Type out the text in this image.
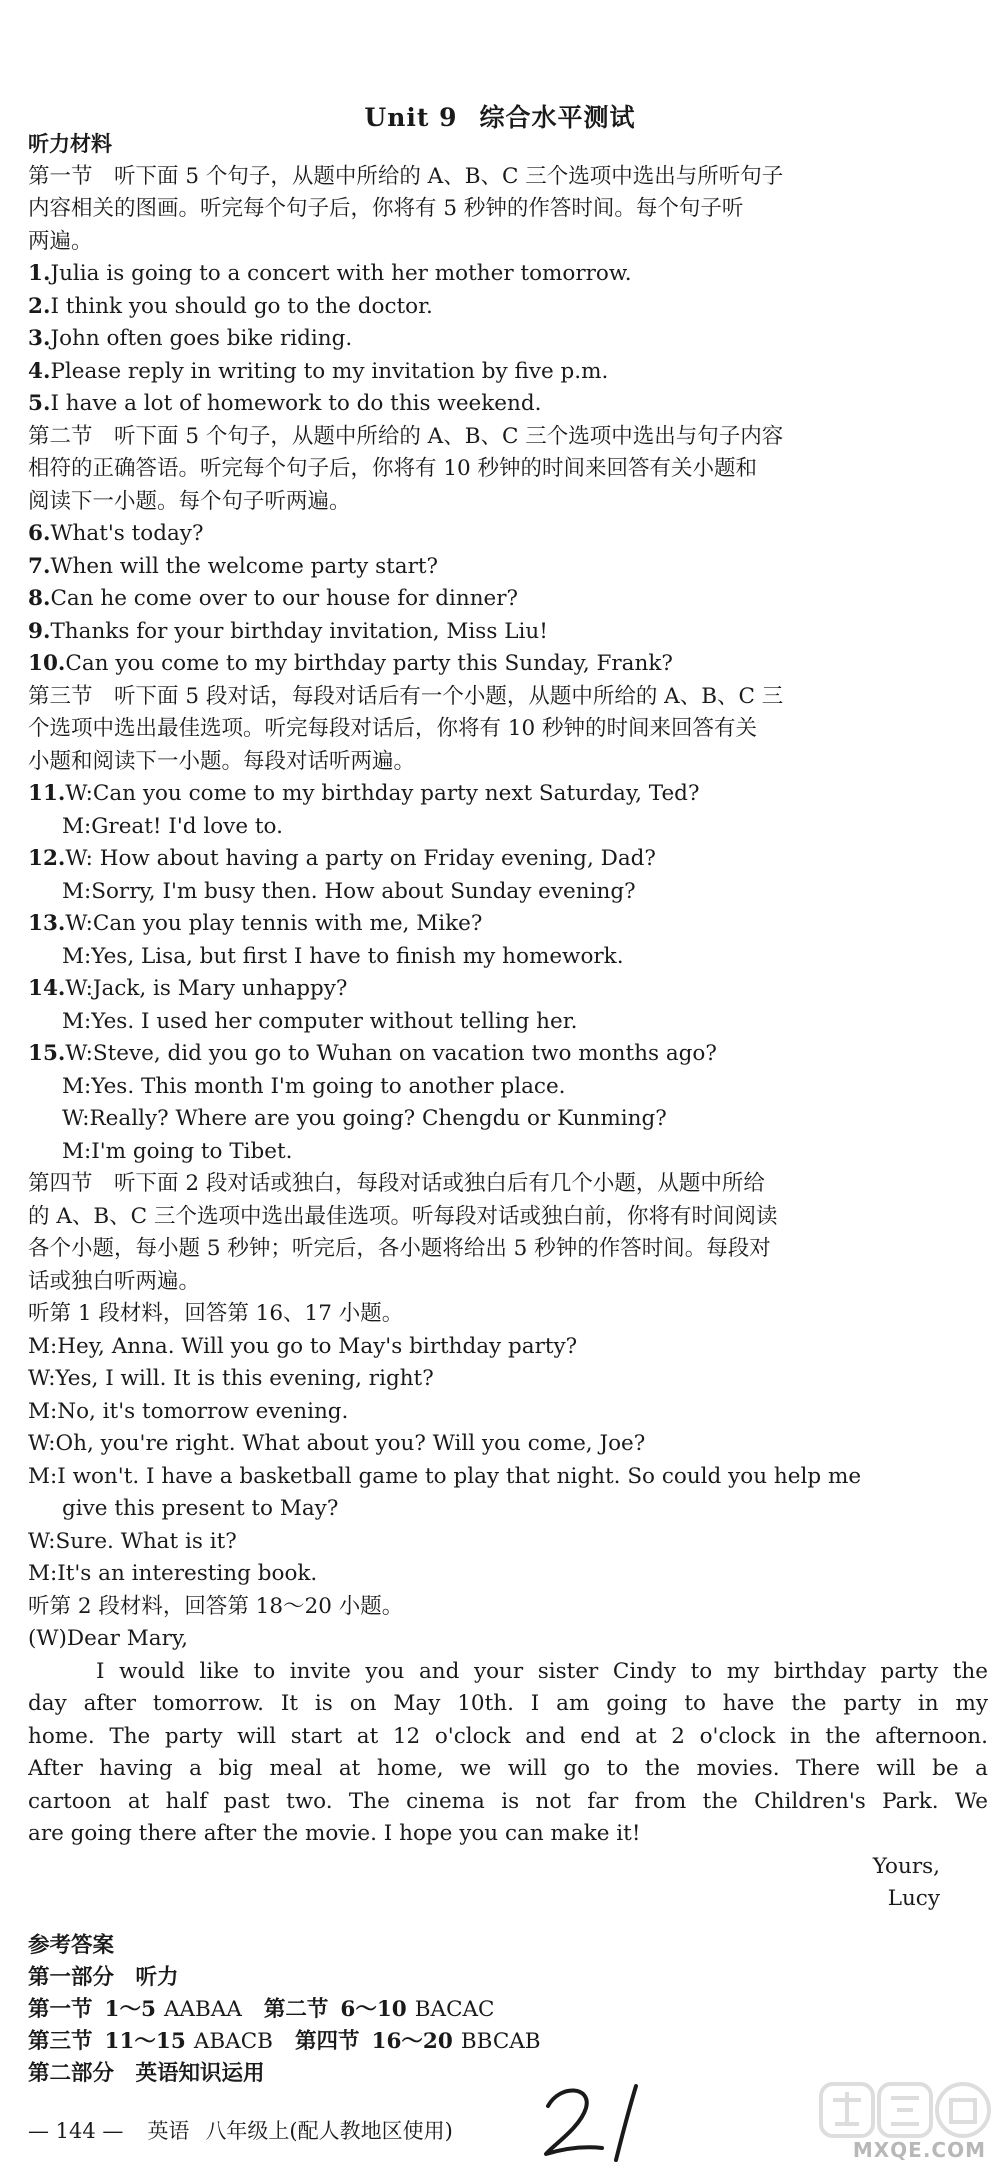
Unit 9 综合水平测试
听力材料
第一节　听下面 5 个句子，从题中所给的 A、B、C 三个选项中选出与所听句子
内容相关的图画。听完每个句子后，你将有 5 秒钟的作答时间。每个句子听
两遍。
1.Julia is going to a concert with her mother tomorrow.
2.I think you should go to the doctor.
3.John often goes bike riding.
4.Please reply in writing to my invitation by five p.m.
5.I have a lot of homework to do this weekend.
第二节　听下面 5 个句子，从题中所给的 A、B、C 三个选项中选出与句子内容
相符的正确答语。听完每个句子后，你将有 10 秒钟的时间来回答有关小题和
阅读下一小题。每个句子听两遍。
6.What's today?
7.When will the welcome party start?
8.Can he come over to our house for dinner?
9.Thanks for your birthday invitation, Miss Liu!
10.Can you come to my birthday party this Sunday, Frank?
第三节　听下面 5 段对话，每段对话后有一个小题，从题中所给的 A、B、C 三
个选项中选出最佳选项。听完每段对话后，你将有 10 秒钟的时间来回答有关
小题和阅读下一小题。每段对话听两遍。
11.W:Can you come to my birthday party next Saturday, Ted?
M:Great! I'd love to.
12.W: How about having a party on Friday evening, Dad?
M:Sorry, I'm busy then. How about Sunday evening?
13.W:Can you play tennis with me, Mike?
M:Yes, Lisa, but first I have to finish my homework.
14.W:Jack, is Mary unhappy?
M:Yes. I used her computer without telling her.
15.W:Steve, did you go to Wuhan on vacation two months ago?
M:Yes. This month I'm going to another place.
W:Really? Where are you going? Chengdu or Kunming?
M:I'm going to Tibet.
第四节　听下面 2 段对话或独白，每段对话或独白后有几个小题，从题中所给
的 A、B、C 三个选项中选出最佳选项。听每段对话或独白前，你将有时间阅读
各个小题，每小题 5 秒钟；听完后，各小题将给出 5 秒钟的作答时间。每段对
话或独白听两遍。
听第 1 段材料，回答第 16、17 小题。
M:Hey, Anna. Will you go to May's birthday party?
W:Yes, I will. It is this evening, right?
M:No, it's tomorrow evening.
W:Oh, you're right. What about you? Will you come, Joe?
M:I won't. I have a basketball game to play that night. So could you help me
give this present to May?
W:Sure. What is it?
M:It's an interesting book.
听第 2 段材料，回答第 18～20 小题。
(W)Dear Mary,
I would like to invite you and your sister Cindy to my birthday party the
day after tomorrow. It is on May 10th. I am going to have the party in my
home. The party will start at 12 o'clock and end at 2 o'clock in the afternoon.
After having a big meal at home, we will go to the movies. There will be a
cartoon at half past two. The cinema is not far from the Children's Park. We
are going there after the movie. I hope you can make it!
Yours,
Lucy
参考答案
第一部分　听力
第一节 1～5 AABAA 第二节 6～10 BACAC
第三节 11～15 ABACB 第四节 16～20 BBCAB
第二部分　英语知识运用
— 144 — 英语 八年级上(配人教地区使用)
MXQE.COM
